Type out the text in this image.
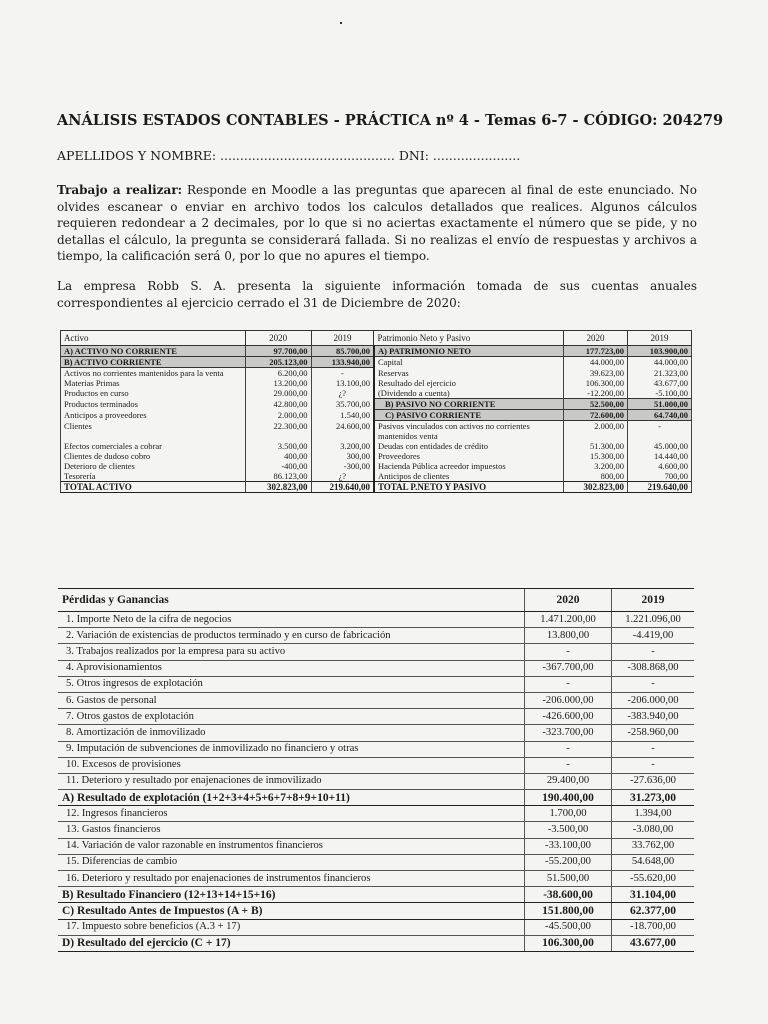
ANÁLISIS ESTADOS CONTABLES - PRÁCTICA nº 4 - Temas 6-7 - CÓDIGO: 204279
APELLIDOS Y NOMBRE: ............................................ DNI: ......................
Trabajo a realizar: Responde en Moodle a las preguntas que aparecen al final de este enunciado. No olvides escanear o enviar en archivo todos los calculos detallados que realices. Algunos cálculos requieren redondear a 2 decimales, por lo que si no aciertas exactamente el número que se pide, y no detallas el cálculo, la pregunta se considerará fallada. Si no realizas el envío de respuestas y archivos a tiempo, la calificación será 0, por lo que no apures el tiempo.
La empresa Robb S. A. presenta la siguiente información tomada de sus cuentas anuales correspondientes al ejercicio cerrado el 31 de Diciembre de 2020:
Activo	2020	2019	Patrimonio Neto y Pasivo	2020	2019
A) ACTIVO NO CORRIENTE	97.700,00	85.700,00	A) PATRIMONIO NETO	177.723,00	103.900,00
B) ACTIVO CORRIENTE	205.123,00	133.940,00	Capital	44.000,00	44.000,00
Activos no corrientes mantenidos para la venta	6.200,00	-	Reservas	39.623,00	21.323,00
Materias Primas	13.200,00	13.100,00	Resultado del ejercicio	106.300,00	43.677,00
Productos en curso	29.000,00	¿?	(Dividendo a cuenta)	-12.200,00	-5.100,00
Productos terminados	42.800,00	35.700,00	B) PASIVO NO CORRIENTE	52.500,00	51.000,00
Anticipos a proveedores	2.000,00	1.540,00	C) PASIVO CORRIENTE	72.600,00	64.740,00
Clientes	22.300,00	24.600,00	Pasivos vinculados con activos no corrientes mantenidos venta	2.000,00	-
Efectos comerciales a cobrar	3.500,00	3.200,00	Deudas con entidades de crédito	51.300,00	45.000,00
Clientes de dudoso cobro	400,00	300,00	Proveedores	15.300,00	14.440,00
Deterioro de clientes	-400,00	-300,00	Hacienda Pública acreedor impuestos	3.200,00	4.600,00
Tesorería	86.123,00	¿?	Anticipos de clientes	800,00	700,00
TOTAL ACTIVO	302.823,00	219.640,00	TOTAL P.NETO Y PASIVO	302.823,00	219.640,00
Pérdidas y Ganancias	2020	2019
1. Importe Neto de la cifra de negocios	1.471.200,00	1.221.096,00
2. Variación de existencias de productos terminado y en curso de fabricación	13.800,00	-4.419,00
3. Trabajos realizados por la empresa para su activo	-	-
4. Aprovisionamientos	-367.700,00	-308.868,00
5. Otros ingresos de explotación	-	-
6. Gastos de personal	-206.000,00	-206.000,00
7. Otros gastos de explotación	-426.600,00	-383.940,00
8. Amortización de inmovilizado	-323.700,00	-258.960,00
9. Imputación de subvenciones de inmovilizado no financiero y otras	-	-
10. Excesos de provisiones	-	-
11. Deterioro y resultado por enajenaciones de inmovilizado	29.400,00	-27.636,00
A) Resultado de explotación (1+2+3+4+5+6+7+8+9+10+11)	190.400,00	31.273,00
12. Ingresos financieros	1.700,00	1.394,00
13. Gastos financieros	-3.500,00	-3.080,00
14. Variación de valor razonable en instrumentos financieros	-33.100,00	33.762,00
15. Diferencias de cambio	-55.200,00	54.648,00
16. Deterioro y resultado por enajenaciones de instrumentos financieros	51.500,00	-55.620,00
B) Resultado Financiero (12+13+14+15+16)	-38.600,00	31.104,00
C) Resultado Antes de Impuestos (A + B)	151.800,00	62.377,00
17. Impuesto sobre beneficios (A.3 + 17)	-45.500,00	-18.700,00
D) Resultado del ejercicio (C + 17)	106.300,00	43.677,00
